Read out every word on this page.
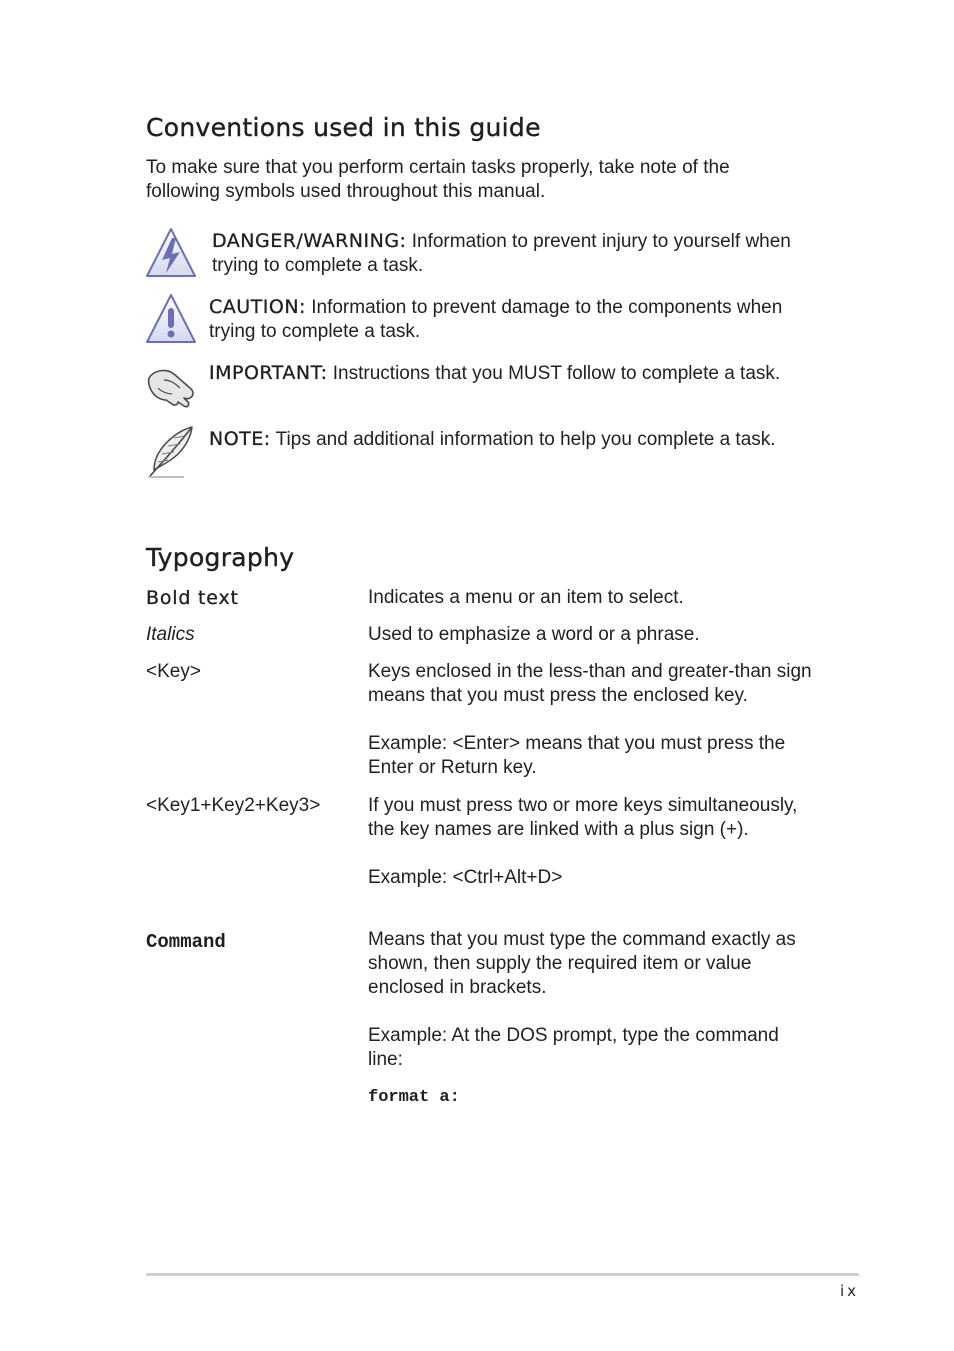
Conventions used in this guide
To make sure that you perform certain tasks properly, take note of the
following symbols used throughout this manual.
DANGER/WARNING: Information to prevent injury to yourself when trying to complete a task.
CAUTION: Information to prevent damage to the components when trying to complete a task.
IMPORTANT: Instructions that you MUST follow to complete a task.
NOTE: Tips and additional information to help you complete a task.
Typography
Bold text	Indicates a menu or an item to select.

Italics	Used to emphasize a word or a phrase.

<Key>	Keys enclosed in the less-than and greater-than sign means that you must press the enclosed key.

Example: <Enter> means that you must press the Enter or Return key.

<Key1+Key2+Key3>	If you must press two or more keys simultaneously, the key names are linked with a plus sign (+).

Example: <Ctrl+Alt+D>

Command	Means that you must type the command exactly as shown, then supply the required item or value enclosed in brackets.

Example: At the DOS prompt, type the command line:

format a:

ix
